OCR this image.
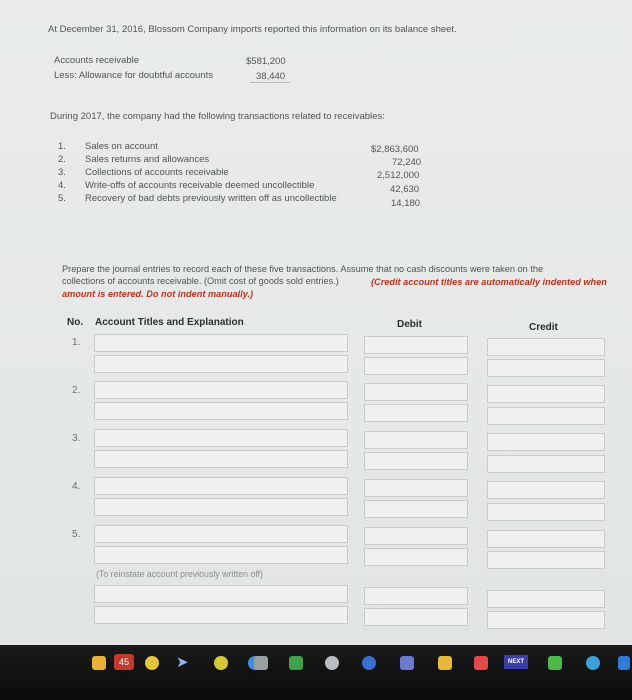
At December 31, 2016, Blossom Company imports reported this information on its balance sheet.
Accounts receivable	$581,200
Less: Allowance for doubtful accounts	38,440
During 2017, the company had the following transactions related to receivables:
1. Sales on account	$2,863,600
2. Sales returns and allowances	72,240
3. Collections of accounts receivable	2,512,000
4. Write-offs of accounts receivable deemed uncollectible	42,630
5. Recovery of bad debts previously written off as uncollectible	14,180
Prepare the journal entries to record each of these five transactions. Assume that no cash discounts were taken on the
collections of accounts receivable. (Omit cost of goods sold entries.)	(Credit account titles are automatically indented when
amount is entered. Do not indent manually.)
No. Account Titles and Explanation	Debit	Credit
1.
2.
3.
4.
5.
(To reinstate account previously written off)
45	➤	NEXT
